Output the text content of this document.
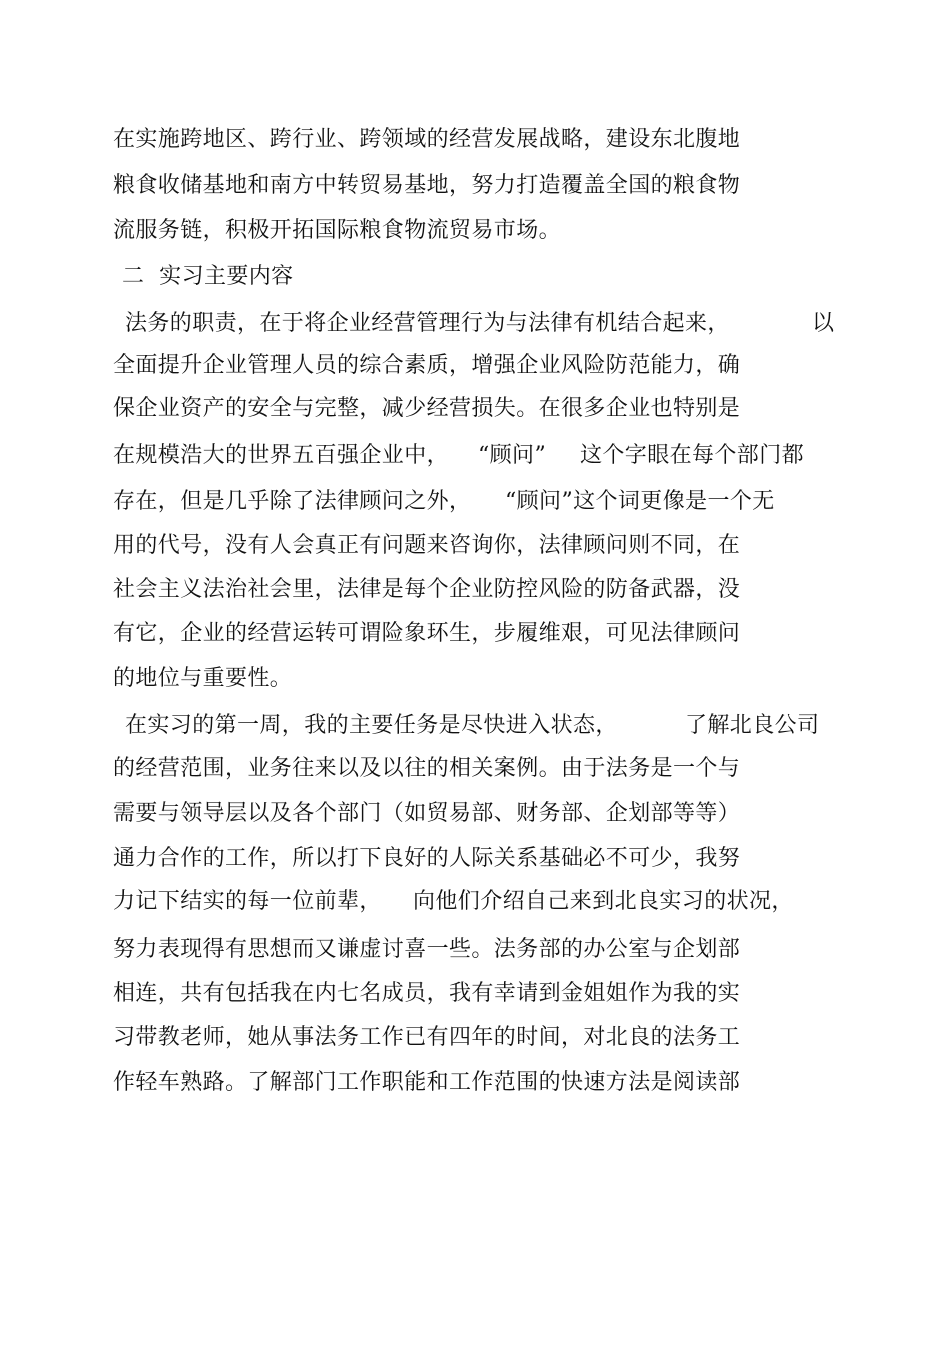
在实施跨地区、跨行业、跨领域的经营发展战略，建设东北腹地
粮食收储基地和南方中转贸易基地，努力打造覆盖全国的粮食物
流服务链，积极开拓国际粮食物流贸易市场。
二  实习主要内容
法务的职责，在于将企业经营管理行为与法律有机结合起来，	以
全面提升企业管理人员的综合素质，增强企业风险防范能力，确
保企业资产的安全与完整，减少经营损失。在很多企业也特别是
在规模浩大的世界五百强企业中， “顾问” 这个字眼在每个部门都
存在，但是几乎除了法律顾问之外， “顾问”这个词更像是一个无
用的代号，没有人会真正有问题来咨询你，法律顾问则不同，在
社会主义法治社会里，法律是每个企业防控风险的防备武器，没
有它，企业的经营运转可谓险象环生，步履维艰，可见法律顾问
的地位与重要性。
在实习的第一周，我的主要任务是尽快进入状态，	了解北良公司
的经营范围，业务往来以及以往的相关案例。由于法务是一个与
需要与领导层以及各个部门（如贸易部、财务部、企划部等等）
通力合作的工作，所以打下良好的人际关系基础必不可少，我努
力记下结实的每一位前辈， 向他们介绍自己来到北良实习的状况，
努力表现得有思想而又谦虚讨喜一些。法务部的办公室与企划部
相连，共有包括我在内七名成员，我有幸请到金姐姐作为我的实
习带教老师，她从事法务工作已有四年的时间，对北良的法务工
作轻车熟路。了解部门工作职能和工作范围的快速方法是阅读部
